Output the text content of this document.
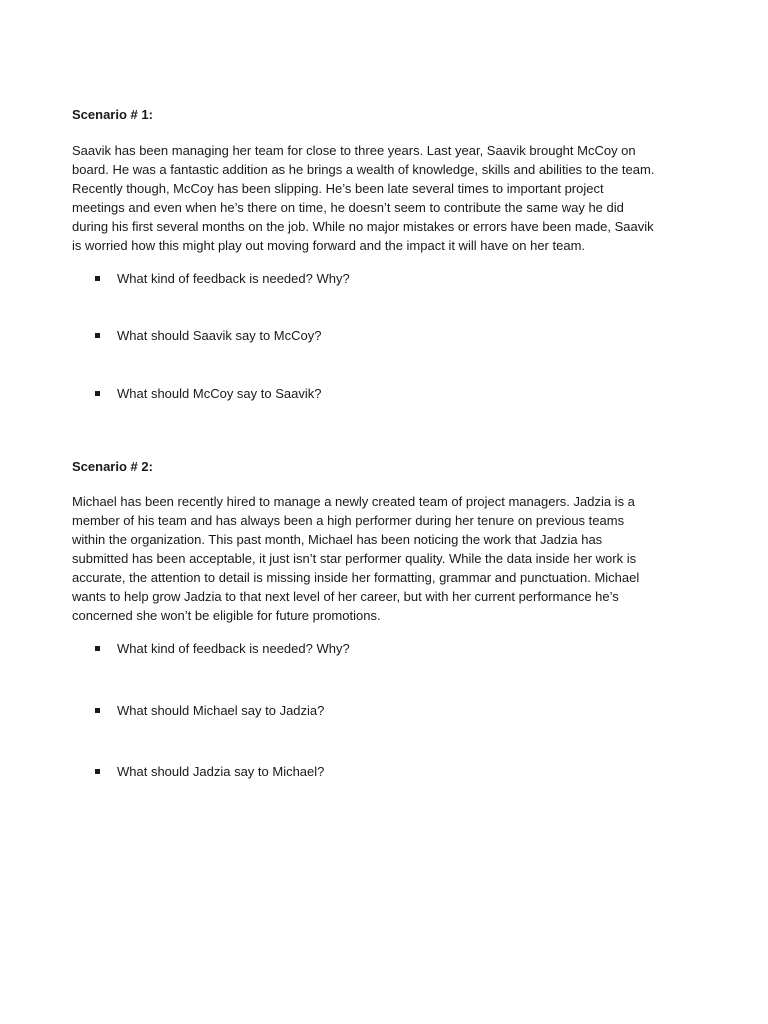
Scenario # 1:

Saavik has been managing her team for close to three years. Last year, Saavik brought McCoy on
board. He was a fantastic addition as he brings a wealth of knowledge, skills and abilities to the team.
Recently though, McCoy has been slipping. He’s been late several times to important project
meetings and even when he’s there on time, he doesn’t seem to contribute the same way he did
during his first several months on the job. While no major mistakes or errors have been made, Saavik
is worried how this might play out moving forward and the impact it will have on her team.

What kind of feedback is needed? Why?
What should Saavik say to McCoy?
What should McCoy say to Saavik?
Scenario # 2:

Michael has been recently hired to manage a newly created team of project managers. Jadzia is a
member of his team and has always been a high performer during her tenure on previous teams
within the organization. This past month, Michael has been noticing the work that Jadzia has
submitted has been acceptable, it just isn’t star performer quality. While the data inside her work is
accurate, the attention to detail is missing inside her formatting, grammar and punctuation. Michael
wants to help grow Jadzia to that next level of her career, but with her current performance he’s
concerned she won’t be eligible for future promotions.

What kind of feedback is needed? Why?
What should Michael say to Jadzia?
What should Jadzia say to Michael?
